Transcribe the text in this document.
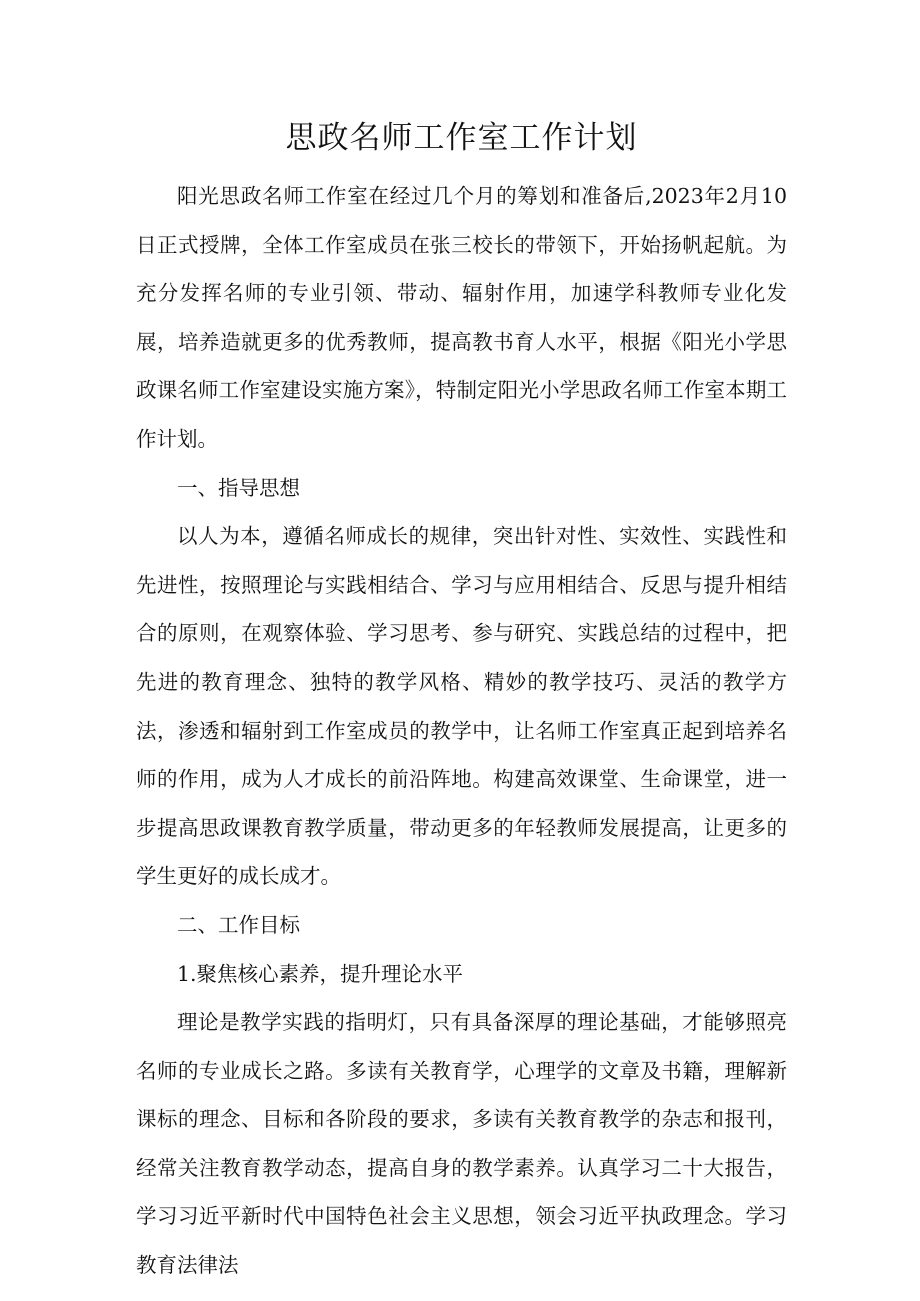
思政名师工作室工作计划

阳光思政名师工作室在经过几个月的筹划和准备后,2023年2月10日正式授牌，全体工作室成员在张三校长的带领下，开始扬帆起航。为充分发挥名师的专业引领、带动、辐射作用，加速学科教师专业化发展，培养造就更多的优秀教师，提高教书育人水平，根据《阳光小学思政课名师工作室建设实施方案》，特制定阳光小学思政名师工作室本期工作计划。

一、指导思想

以人为本，遵循名师成长的规律，突出针对性、实效性、实践性和先进性，按照理论与实践相结合、学习与应用相结合、反思与提升相结合的原则，在观察体验、学习思考、参与研究、实践总结的过程中，把先进的教育理念、独特的教学风格、精妙的教学技巧、灵活的教学方法，渗透和辐射到工作室成员的教学中，让名师工作室真正起到培养名师的作用，成为人才成长的前沿阵地。构建高效课堂、生命课堂，进一步提高思政课教育教学质量，带动更多的年轻教师发展提高，让更多的学生更好的成长成才。

二、工作目标

1.聚焦核心素养，提升理论水平

理论是教学实践的指明灯，只有具备深厚的理论基础，才能够照亮名师的专业成长之路。多读有关教育学，心理学的文章及书籍，理解新课标的理念、目标和各阶段的要求，多读有关教育教学的杂志和报刊，经常关注教育教学动态，提高自身的教学素养。认真学习二十大报告，学习习近平新时代中国特色社会主义思想，领会习近平执政理念。学习教育法律法
